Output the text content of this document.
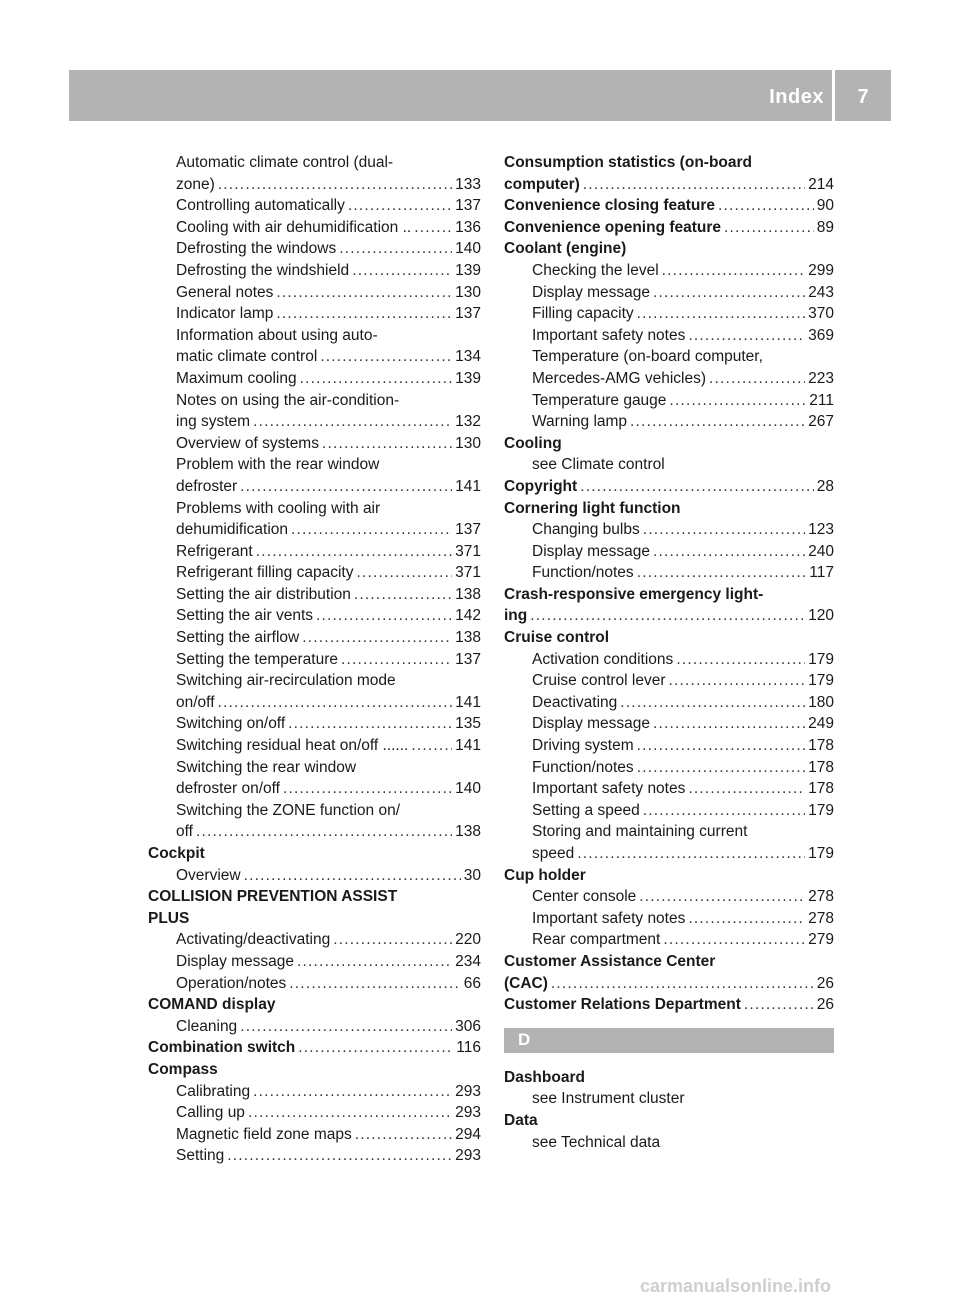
Index	7
Automatic climate control (dual-
zone) .....	133
Controlling automatically .....	137
Cooling with air dehumidification .. .....	136
Defrosting the windows .....	140
Defrosting the windshield .....	139
General notes .....	130
Indicator lamp .....	137
Information about using auto-
matic climate control .....	134
Maximum cooling .....	139
Notes on using the air-condition-
ing system .....	132
Overview of systems .....	130
Problem with the rear window
defroster .....	141
Problems with cooling with air
dehumidification .....	137
Refrigerant .....	371
Refrigerant filling capacity .....	371
Setting the air distribution .....	138
Setting the air vents .....	142
Setting the airflow .....	138
Setting the temperature .....	137
Switching air-recirculation mode
on/off .....	141
Switching on/off .....	135
Switching residual heat on/off ...... .....	141
Switching the rear window
defroster on/off .....	140
Switching the ZONE function on/
off .....	138
Cockpit
Overview .....	30
COLLISION PREVENTION ASSIST
PLUS
Activating/deactivating .....	220
Display message .....	234
Operation/notes .....	66
COMAND display
Cleaning .....	306
Combination switch .....	116
Compass
Calibrating .....	293
Calling up .....	293
Magnetic field zone maps .....	294
Setting .....	293
Consumption statistics (on-board
computer) .....	214
Convenience closing feature .....	90
Convenience opening feature .....	89
Coolant (engine)
Checking the level .....	299
Display message .....	243
Filling capacity .....	370
Important safety notes .....	369
Temperature (on-board computer,
Mercedes-AMG vehicles) .....	223
Temperature gauge .....	211
Warning lamp .....	267
Cooling
see Climate control
Copyright .....	28
Cornering light function
Changing bulbs .....	123
Display message .....	240
Function/notes .....	117
Crash-responsive emergency light-
ing .....	120
Cruise control
Activation conditions .....	179
Cruise control lever .....	179
Deactivating .....	180
Display message .....	249
Driving system .....	178
Function/notes .....	178
Important safety notes .....	178
Setting a speed .....	179
Storing and maintaining current
speed .....	179
Cup holder
Center console .....	278
Important safety notes .....	278
Rear compartment .....	279
Customer Assistance Center
(CAC) .....	26
Customer Relations Department .....	26
D
Dashboard
see Instrument cluster
Data
see Technical data
carmanualsonline.info
